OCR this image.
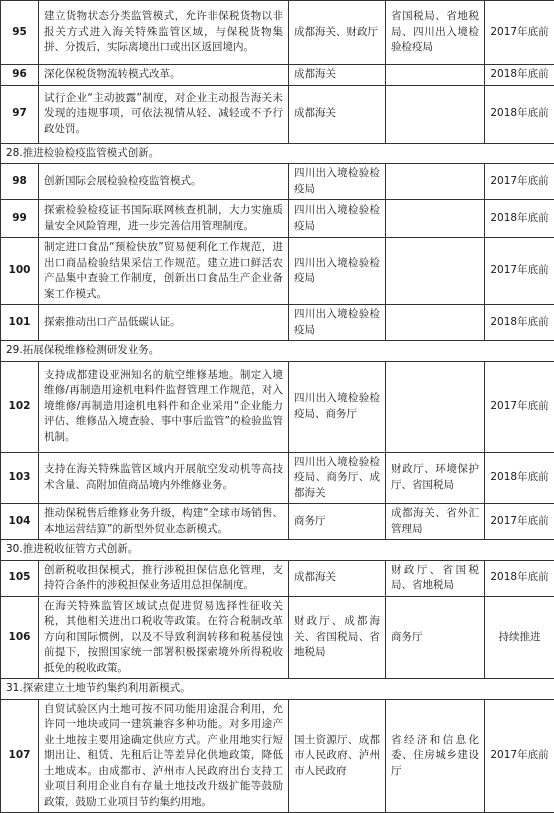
95	建立货物状态分类监管模式，允许非保税货物以非报关方式进入海关特殊监管区域，与保税货物集拼、分拨后，实际离境出口或出区返回境内。	成都海关、财政厅	省国税局、省地税局、四川出入境检验检疫局	2017年底前
96	深化保税货物流转模式改革。	成都海关		2018年底前
97	试行企业“主动披露”制度，对企业主动报告海关未发现的违规事项，可依法视情从轻、减轻或不予行政处罚。	成都海关		2018年底前
28.推进检验检疫监管模式创新。				
98	创新国际会展检验检疫监管模式。	四川出入境检验检疫局		2017年底前
99	探索检验检疫证书国际联网核查机制，大力实施质量安全风险管理，进一步完善信用管理制度。	四川出入境检验检疫局		2018年底前
100	制定进口食品“预检快放”贸易便利化工作规范，进出口商品检验结果采信工作规范。建立进口鲜活农产品集中查验工作制度，创新出口食品生产企业备案工作模式。	四川出入境检验检疫局		2017年底前
101	探索推动出口产品低碳认证。	四川出入境检验检疫局		2018年底前
29.拓展保税维修检测研发业务。				
102	支持成都建设亚洲知名的航空维修基地。制定入境维修/再制造用途机电料件监督管理工作规范，对入境维修/再制造用途机电料件和企业采用“企业能力评估、维修品入境查验、事中事后监管”的检验监管机制。	四川出入境检验检疫局、商务厅		2017年底前
103	支持在海关特殊监管区域内开展航空发动机等高技术含量、高附加值商品境内外维修业务。	四川出入境检验检疫局、商务厅、成都海关	财政厅、环境保护厅、省国税局	2018年底前
104	推动保税售后维修业务升级，构建“全球市场销售、本地运营结算”的新型外贸业态新模式。	商务厅	成都海关、省外汇管理局	2017年底前
30.推进税收征管方式创新。				
105	创新税收担保模式，推行涉税担保信息化管理，支持符合条件的涉税担保业务适用总担保制度。	成都海关	财政厅、省国税局、省地税局	2018年底前
106	在海关特殊监管区域试点促进贸易选择性征收关税，其他相关进出口税收等政策。在符合税制改革方向和国际惯例，以及不导致利润转移和税基侵蚀前提下，按照国家统一部署积极探索境外所得税收抵免的税收政策。	财政厅、成都海关、省国税局、省地税局	商务厅	持续推进
31.探索建立土地节约集约利用新模式。				
107	自贸试验区内土地可按不同功能用途混合利用，允许同一地块或同一建筑兼容多种功能。对多用途产业土地按主要用途确定供应方式。产业用地实行短期出让、租赁、先租后让等差异化供地政策，降低土地成本。由成都市、泸州市人民政府出台支持工业项目利用企业自有存量土地技改升级扩能等鼓励政策，鼓励工业项目节约集约用地。	国土资源厅、成都市人民政府、泸州市人民政府	省经济和信息化委、住房城乡建设厅	2017年底前
